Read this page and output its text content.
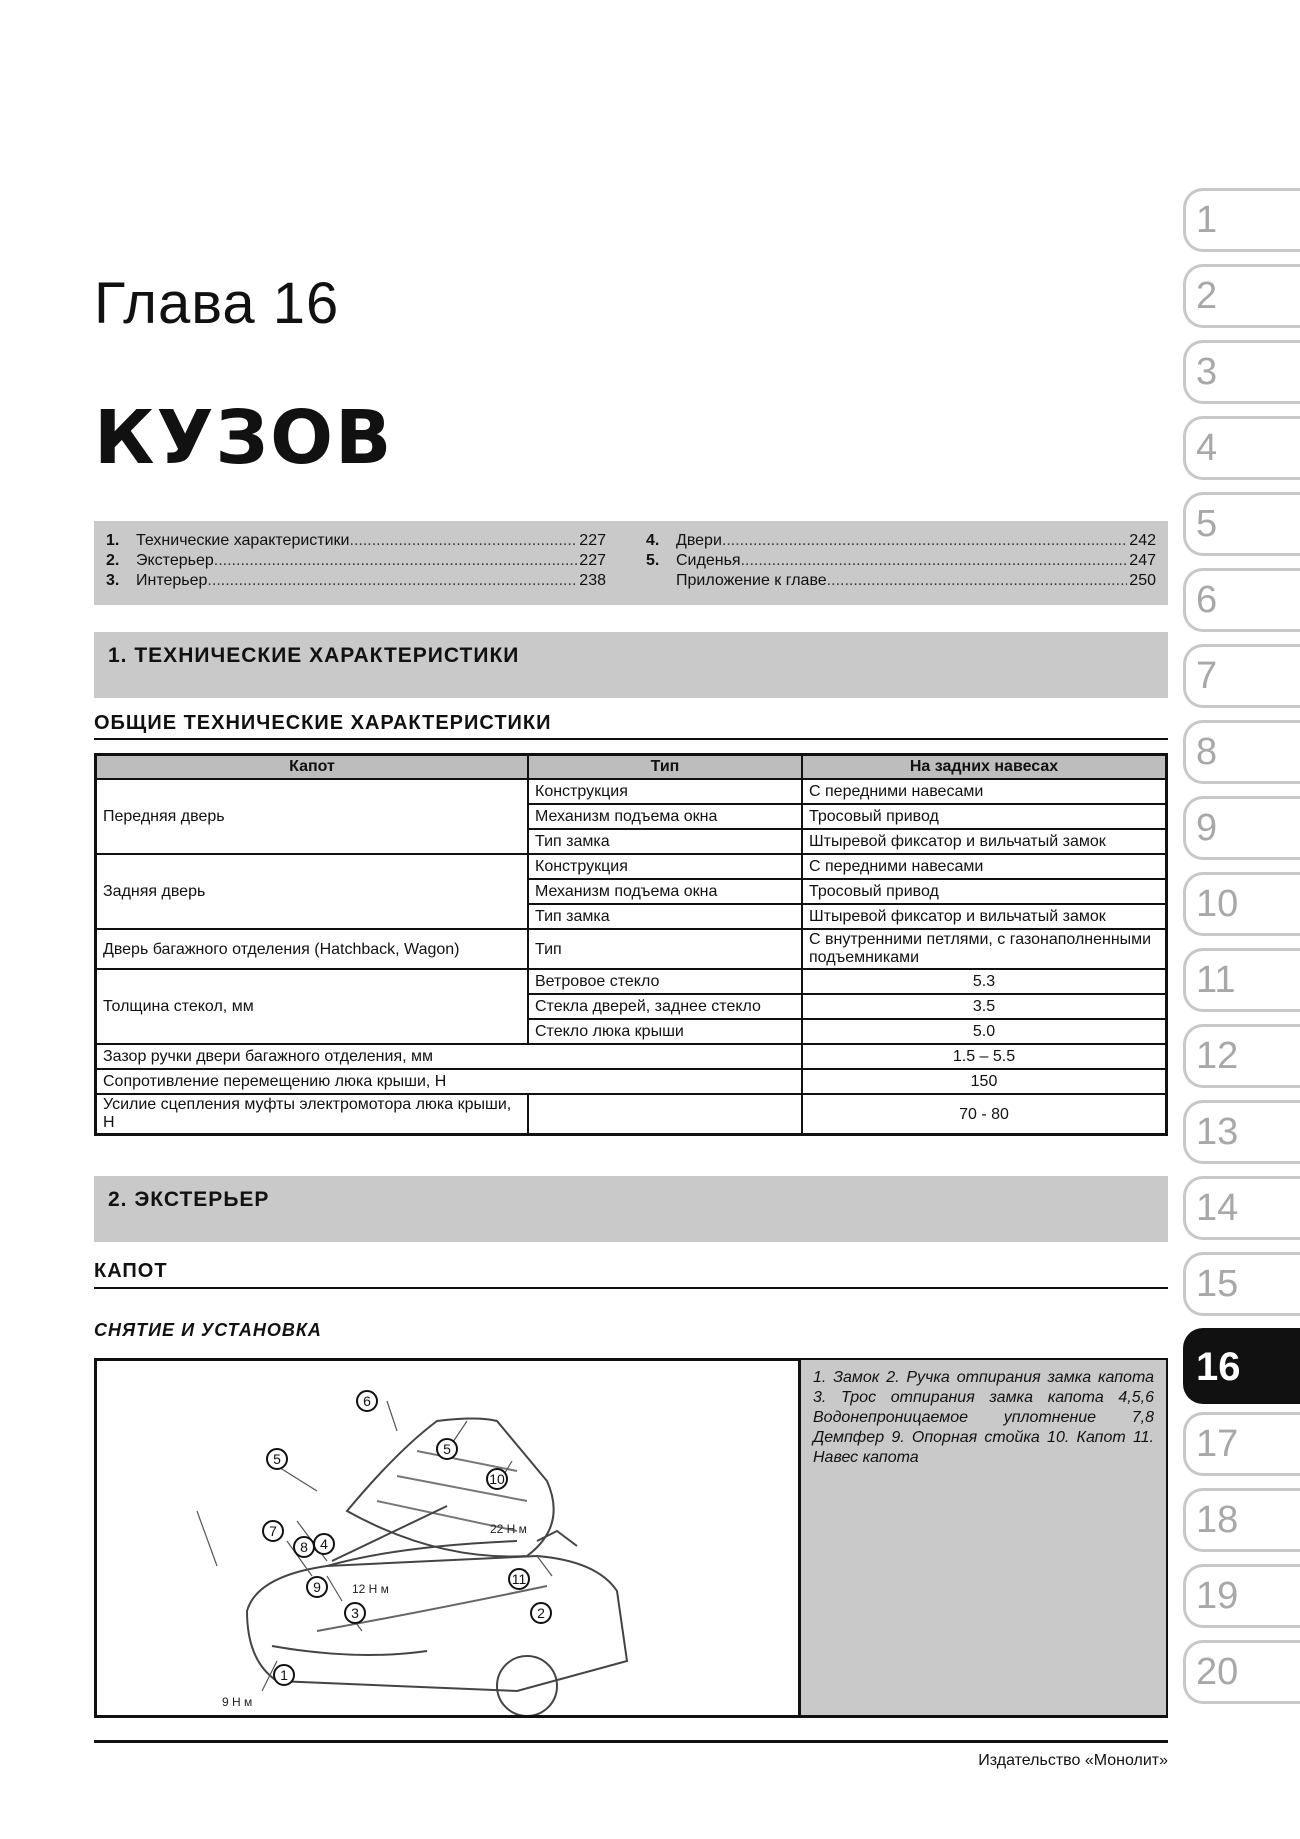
1
2
3
4
5
6
7
8
9
10
11
12
13
14
15
16
17
18
19
20
Глава 16
КУЗОВ
1.	Технические характеристики .....	227
2.	Экстерьер .....	227
3.	Интерьер .....	238
4.	Двери .....	242
5.	Сиденья .....	247
Приложение к главе .....	250
1. ТЕХНИЧЕСКИЕ ХАРАКТЕРИСТИКИ
ОБЩИЕ ТЕХНИЧЕСКИЕ ХАРАКТЕРИСТИКИ
Капот	Тип	На задних навесах
Передняя дверь	Конструкция	С передними навесами
	Механизм подъема окна	Тросовый привод
	Тип замка	Штыревой фиксатор и вильчатый замок
Задняя дверь	Конструкция	С передними навесами
	Механизм подъема окна	Тросовый привод
	Тип замка	Штыревой фиксатор и вильчатый замок
Дверь багажного отделения (Hatchback, Wagon)	Тип	С внутренними петлями, с газонаполненными подъемниками
Толщина стекол, мм	Ветровое стекло	5.3
	Стекла дверей, заднее стекло	3.5
	Стекло люка крыши	5.0
Зазор ручки двери багажного отделения, мм		1.5 – 5.5
Сопротивление перемещению люка крыши, Н		150
Усилие сцепления муфты электромотора люка крыши, Н		70 - 80
2. ЭКСТЕРЬЕР
КАПОТ
СНЯТИЕ И УСТАНОВКА
5
6
5
10
7
8 4
9
3
11
2
1
22 Н м
12 Н м
9 Н м
1. Замок 2. Ручка отпирания замка капота 3. Трос отпирания замка капота 4,5,6 Водонепроницаемое уплотнение 7,8 Демпфер 9. Опорная стойка 10. Капот 11. Навес капота
Издательство «Монолит»
